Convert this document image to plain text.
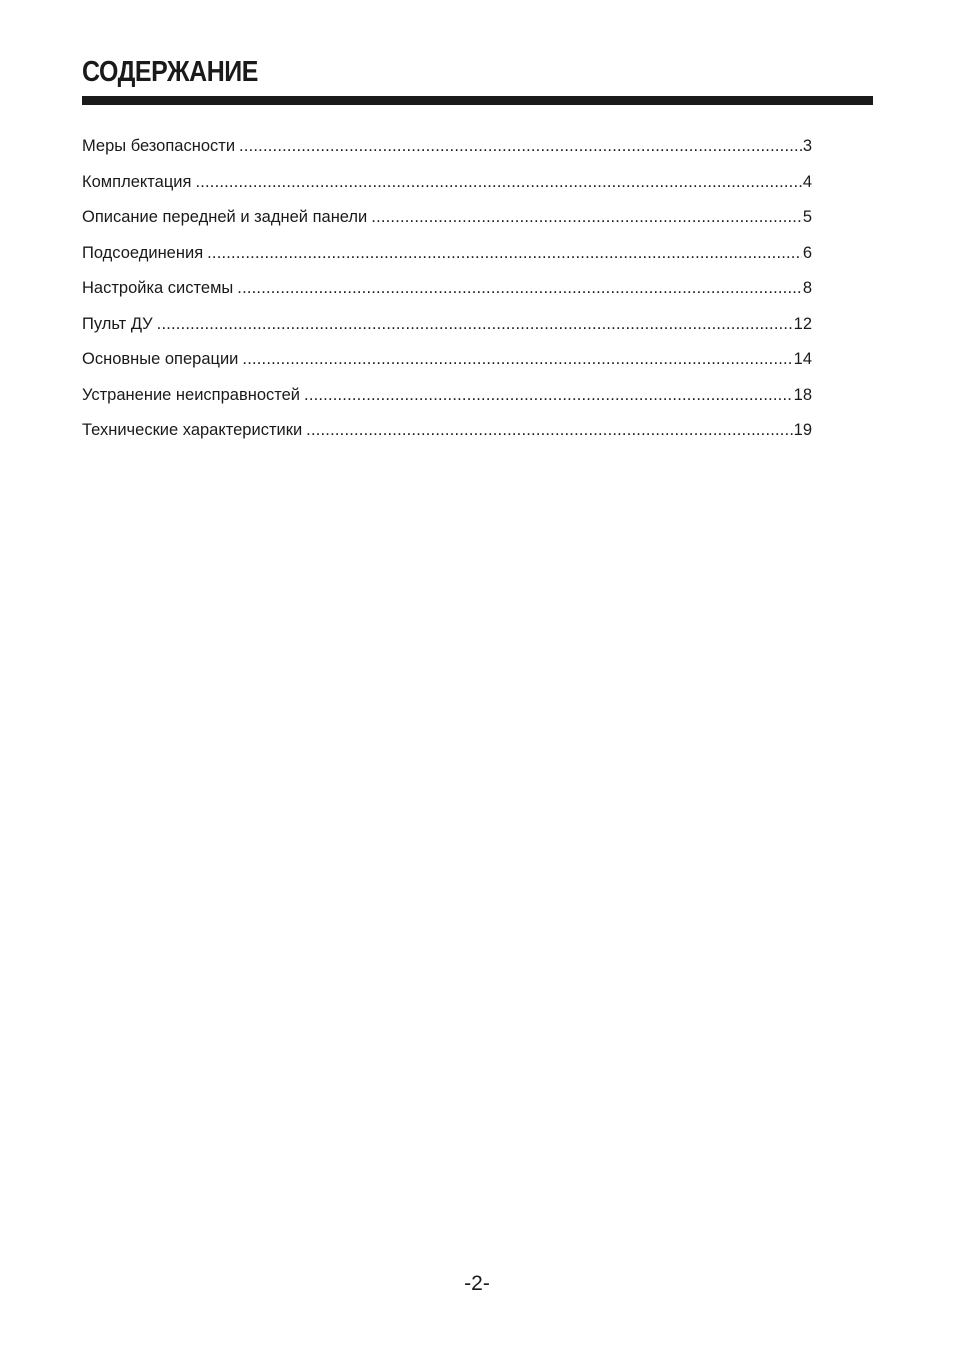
СОДЕРЖАНИЕ
Меры безопасности .....	3
Комплектация .....	4
Описание передней и задней панели .....	5
Подсоединения .....	6
Настройка системы .....	8
Пульт ДУ .....	12
Основные операции .....	14
Устранение неисправностей .....	18
Технические характеристики .....	19
-2-
